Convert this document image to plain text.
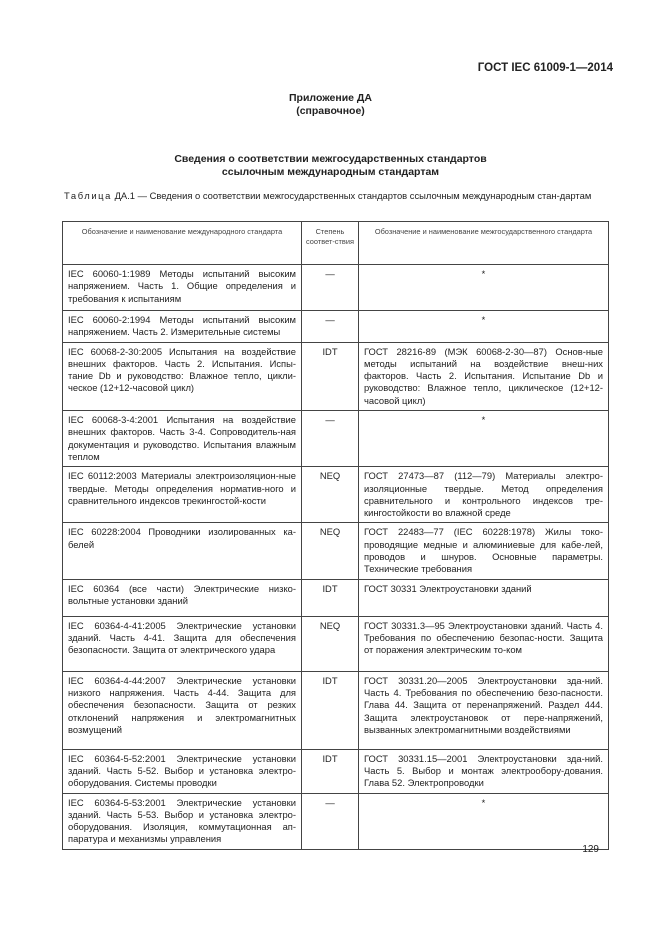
ГОСТ IEC 61009-1—2014
Приложение ДА
(справочное)
Сведения о соответствии межгосударственных стандартов
ссылочным международным стандартам
Таблица ДА.1 — Сведения о соответствии межгосударственных стандартов ссылочным международным стан-дартам
Обозначение и наименование международного стандарта	Степень соответ-ствия	Обозначение и наименование межгосударственного стандарта
IEC 60060-1:1989 Методы испытаний высоким напряжением. Часть 1. Общие определения и требования к испытаниям	—	*
IEC 60060-2:1994 Методы испытаний высоким напряжением. Часть 2. Измерительные системы	—	*
IEC 60068-2-30:2005 Испытания на воздействие внешних факторов. Часть 2. Испытания. Испы-тание Db и руководство: Влажное тепло, цикли-ческое (12+12-часовой цикл)	IDT	ГОСТ 28216-89 (МЭК 60068-2-30—87) Основ-ные методы испытаний на воздействие внеш-них факторов. Часть 2. Испытания. Испытание Db и руководство: Влажное тепло, циклическое (12+12-часовой цикл)
IEC 60068-3-4:2001 Испытания на воздействие внешних факторов. Часть 3-4. Сопроводитель-ная документация и руководство. Испытания влажным теплом	—	*
IEC 60112:2003 Материалы электроизоляцион-ные твердые. Методы определения норматив-ного и сравнительного индексов трекингостой-кости	NEQ	ГОСТ 27473—87 (112—79) Материалы электро-изоляционные твердые. Метод определения сравнительного и контрольного индексов тре-кингостойкости во влажной среде
IEC 60228:2004 Проводники изолированных ка-белей	NEQ	ГОСТ 22483—77 (IEC 60228:1978) Жилы токо-проводящие медные и алюминиевые для кабе-лей, проводов и шнуров. Основные параметры. Технические требования
IEC 60364 (все части) Электрические низко-вольтные установки зданий	IDT	ГОСТ 30331 Электроустановки зданий
IEC 60364-4-41:2005 Электрические установки зданий. Часть 4-41. Защита для обеспечения безопасности. Защита от электрического удара	NEQ	ГОСТ 30331.3—95 Электроустановки зданий. Часть 4. Требования по обеспечению безопас-ности. Защита от поражения электрическим то-ком
IEC 60364-4-44:2007 Электрические установки низкого напряжения. Часть 4-44. Защита для обеспечения безопасности. Защита от резких отклонений напряжения и электромагнитных возмущений	IDT	ГОСТ 30331.20—2005 Электроустановки зда-ний. Часть 4. Требования по обеспечению безо-пасности. Глава 44. Защита от перенапряжений. Раздел 444. Защита электроустановок от пере-напряжений, вызванных электромагнитными воздействиями
IEC 60364-5-52:2001 Электрические установки зданий. Часть 5-52. Выбор и установка электро-оборудования. Системы проводки	IDT	ГОСТ 30331.15—2001 Электроустановки зда-ний. Часть 5. Выбор и монтаж электрообору-дования. Глава 52. Электропроводки
IEC 60364-5-53:2001 Электрические установки зданий. Часть 5-53. Выбор и установка электро-оборудования. Изоляция, коммутационная ап-паратура и механизмы управления	—	*
129
